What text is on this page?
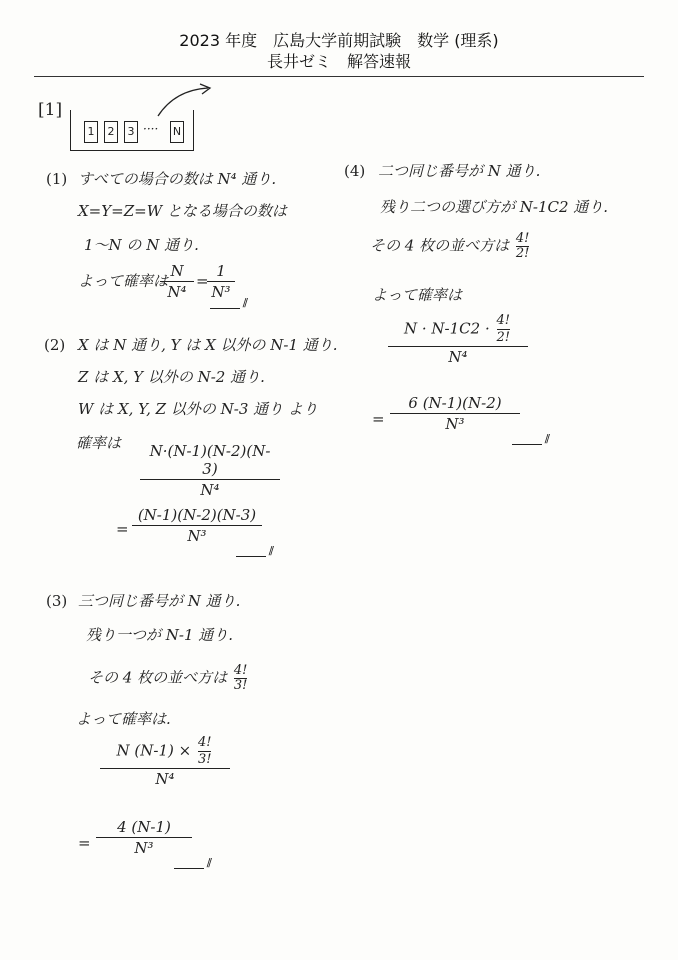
2023 年度　広島大学前期試験　数学 (理系)
長井ゼミ　解答速報
[1]
1	2	3 ···· N
(1) すべての場合の数は N⁴ 通り.
X=Y=Z=W となる場合の数は
1～N の N 通り.
よって確率は
N
N⁴
=
1
N³
//
(2) X は N 通り, Y は X 以外の N-1 通り.
Z は X, Y 以外の N-2 通り.
W は X, Y, Z 以外の N-3 通り より
確率は	N·(N-1)(N-2)(N-3)
N⁴
=
(N-1)(N-2)(N-3)
N³
//
(3) 三つ同じ番号が N 通り.
残り一つが N-1 通り.
その 4 枚の並べ方は $\frac{4!}{3!}$
よって確率は.
N $(N-1) \times \frac{4!}{3!}$
N⁴
=
4 (N-1)
N³
//
(4) 二つ同じ番号が N 通り.
残り二つの選び方が N-1C2 通り.
その 4 枚の並べ方は $\frac{4!}{2!}$
よって確率は
$N \cdot N-1C2 \cdot \frac{4!}{2!}$
N⁴
=
6 (N-1)(N-2)
N³
//
